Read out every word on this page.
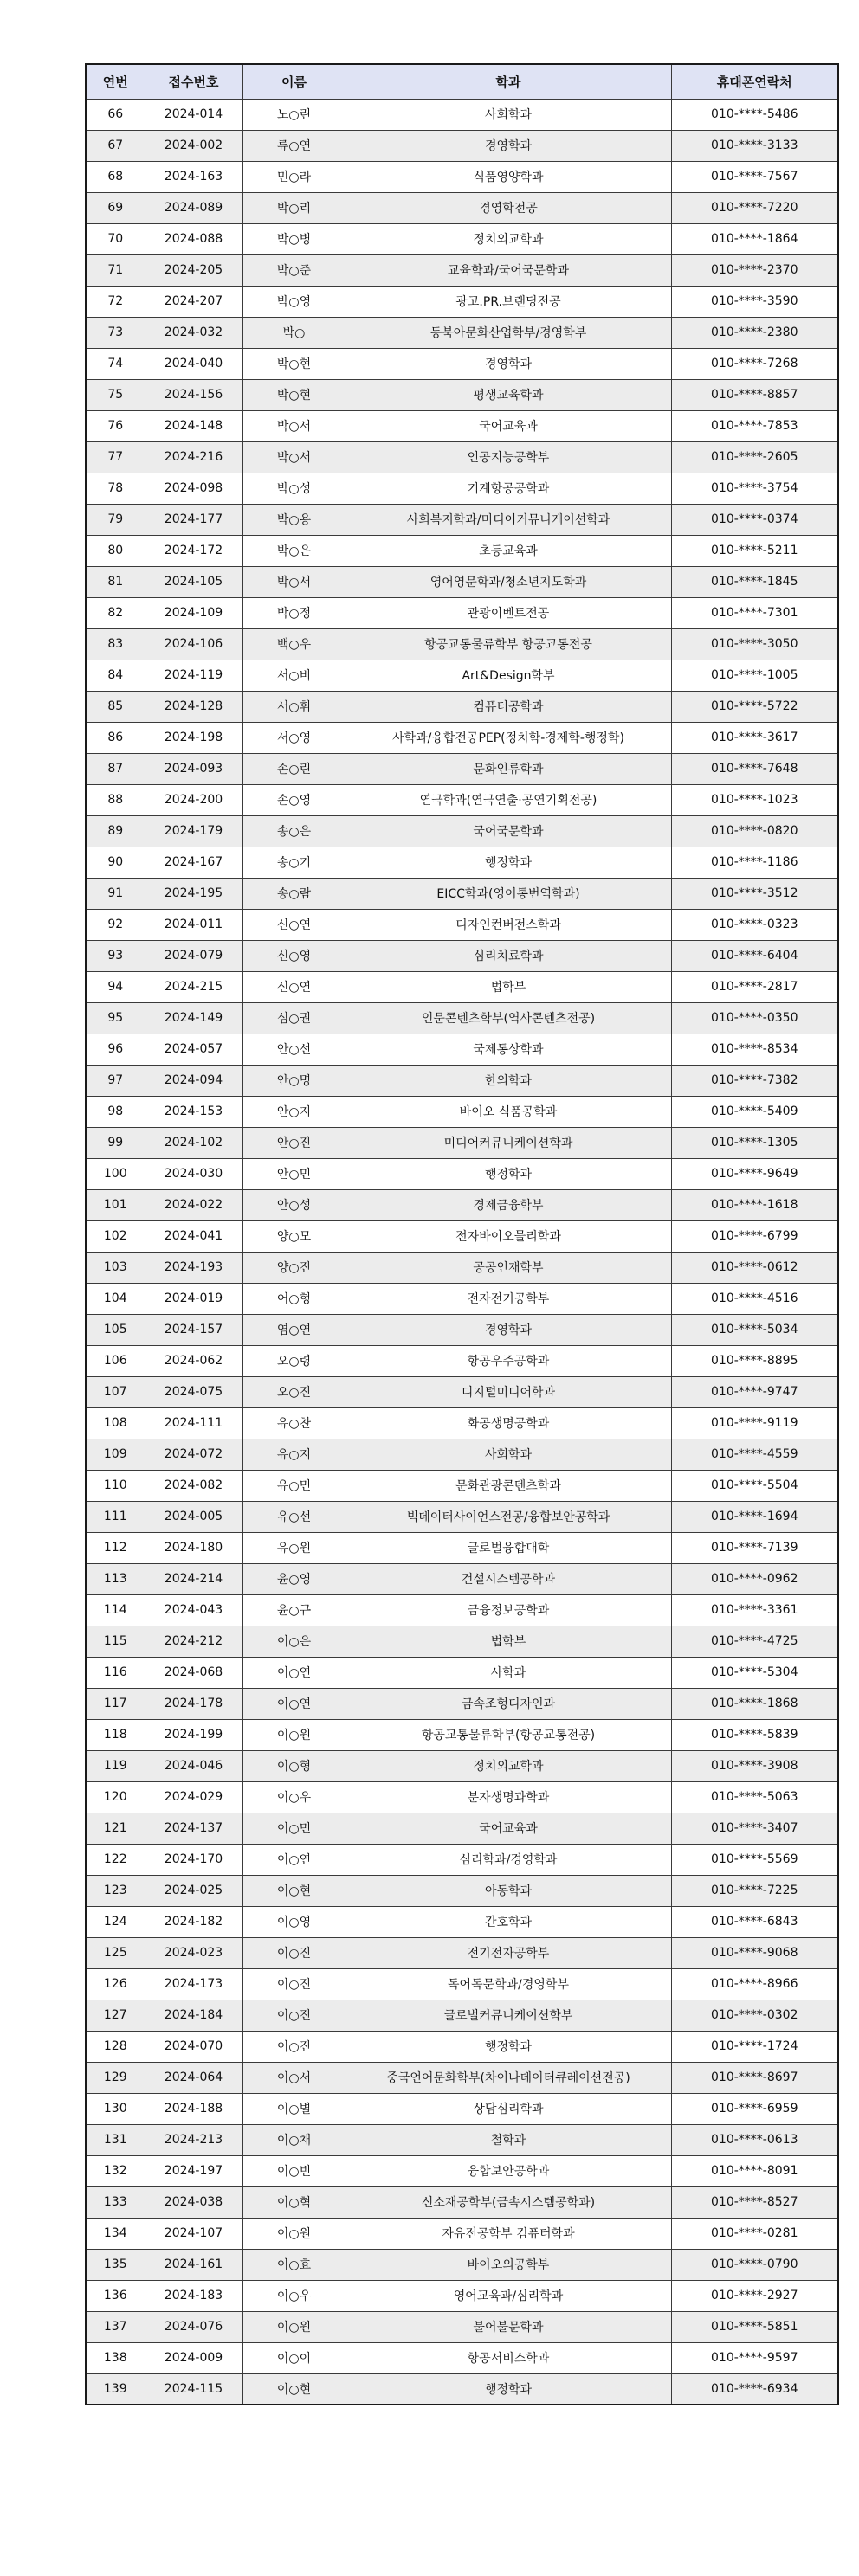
연번	접수번호	이름	학과	휴대폰연락처
66	2024-014	노○린	사회학과	010-****-5486
67	2024-002	류○연	경영학과	010-****-3133
68	2024-163	민○라	식품영양학과	010-****-7567
69	2024-089	박○리	경영학전공	010-****-7220
70	2024-088	박○병	정치외교학과	010-****-1864
71	2024-205	박○준	교육학과/국어국문학과	010-****-2370
72	2024-207	박○영	광고.PR.브랜딩전공	010-****-3590
73	2024-032	박○	동북아문화산업학부/경영학부	010-****-2380
74	2024-040	박○현	경영학과	010-****-7268
75	2024-156	박○현	평생교육학과	010-****-8857
76	2024-148	박○서	국어교육과	010-****-7853
77	2024-216	박○서	인공지능공학부	010-****-2605
78	2024-098	박○성	기계항공공학과	010-****-3754
79	2024-177	박○용	사회복지학과/미디어커뮤니케이션학과	010-****-0374
80	2024-172	박○은	초등교육과	010-****-5211
81	2024-105	박○서	영어영문학과/청소년지도학과	010-****-1845
82	2024-109	박○정	관광이벤트전공	010-****-7301
83	2024-106	백○우	항공교통물류학부 항공교통전공	010-****-3050
84	2024-119	서○비	Art&Design학부	010-****-1005
85	2024-128	서○휘	컴퓨터공학과	010-****-5722
86	2024-198	서○영	사학과/융합전공PEP(정치학-경제학-행정학)	010-****-3617
87	2024-093	손○린	문화인류학과	010-****-7648
88	2024-200	손○영	연극학과(연극연출·공연기획전공)	010-****-1023
89	2024-179	송○은	국어국문학과	010-****-0820
90	2024-167	송○기	행정학과	010-****-1186
91	2024-195	송○람	EICC학과(영어통번역학과)	010-****-3512
92	2024-011	신○연	디자인컨버전스학과	010-****-0323
93	2024-079	신○영	심리치료학과	010-****-6404
94	2024-215	신○연	법학부	010-****-2817
95	2024-149	심○권	인문콘텐츠학부(역사콘텐츠전공)	010-****-0350
96	2024-057	안○선	국제통상학과	010-****-8534
97	2024-094	안○명	한의학과	010-****-7382
98	2024-153	안○지	바이오 식품공학과	010-****-5409
99	2024-102	안○진	미디어커뮤니케이션학과	010-****-1305
100	2024-030	안○민	행정학과	010-****-9649
101	2024-022	안○성	경제금융학부	010-****-1618
102	2024-041	양○모	전자바이오물리학과	010-****-6799
103	2024-193	양○진	공공인재학부	010-****-0612
104	2024-019	어○형	전자전기공학부	010-****-4516
105	2024-157	염○연	경영학과	010-****-5034
106	2024-062	오○령	항공우주공학과	010-****-8895
107	2024-075	오○진	디지털미디어학과	010-****-9747
108	2024-111	유○찬	화공생명공학과	010-****-9119
109	2024-072	유○지	사회학과	010-****-4559
110	2024-082	유○민	문화관광콘텐츠학과	010-****-5504
111	2024-005	유○선	빅데이터사이언스전공/융합보안공학과	010-****-1694
112	2024-180	유○원	글로벌융합대학	010-****-7139
113	2024-214	윤○영	건설시스템공학과	010-****-0962
114	2024-043	윤○규	금융정보공학과	010-****-3361
115	2024-212	이○은	법학부	010-****-4725
116	2024-068	이○연	사학과	010-****-5304
117	2024-178	이○연	금속조형디자인과	010-****-1868
118	2024-199	이○원	항공교통물류학부(항공교통전공)	010-****-5839
119	2024-046	이○형	정치외교학과	010-****-3908
120	2024-029	이○우	분자생명과학과	010-****-5063
121	2024-137	이○민	국어교육과	010-****-3407
122	2024-170	이○연	심리학과/경영학과	010-****-5569
123	2024-025	이○현	아동학과	010-****-7225
124	2024-182	이○영	간호학과	010-****-6843
125	2024-023	이○진	전기전자공학부	010-****-9068
126	2024-173	이○진	독어독문학과/경영학부	010-****-8966
127	2024-184	이○진	글로벌커뮤니케이션학부	010-****-0302
128	2024-070	이○진	행정학과	010-****-1724
129	2024-064	이○서	중국언어문화학부(차이나데이터큐레이션전공)	010-****-8697
130	2024-188	이○별	상담심리학과	010-****-6959
131	2024-213	이○채	철학과	010-****-0613
132	2024-197	이○빈	융합보안공학과	010-****-8091
133	2024-038	이○혁	신소재공학부(금속시스템공학과)	010-****-8527
134	2024-107	이○원	자유전공학부 컴퓨터학과	010-****-0281
135	2024-161	이○효	바이오의공학부	010-****-0790
136	2024-183	이○우	영어교육과/심리학과	010-****-2927
137	2024-076	이○원	불어불문학과	010-****-5851
138	2024-009	이○이	항공서비스학과	010-****-9597
139	2024-115	이○현	행정학과	010-****-6934
